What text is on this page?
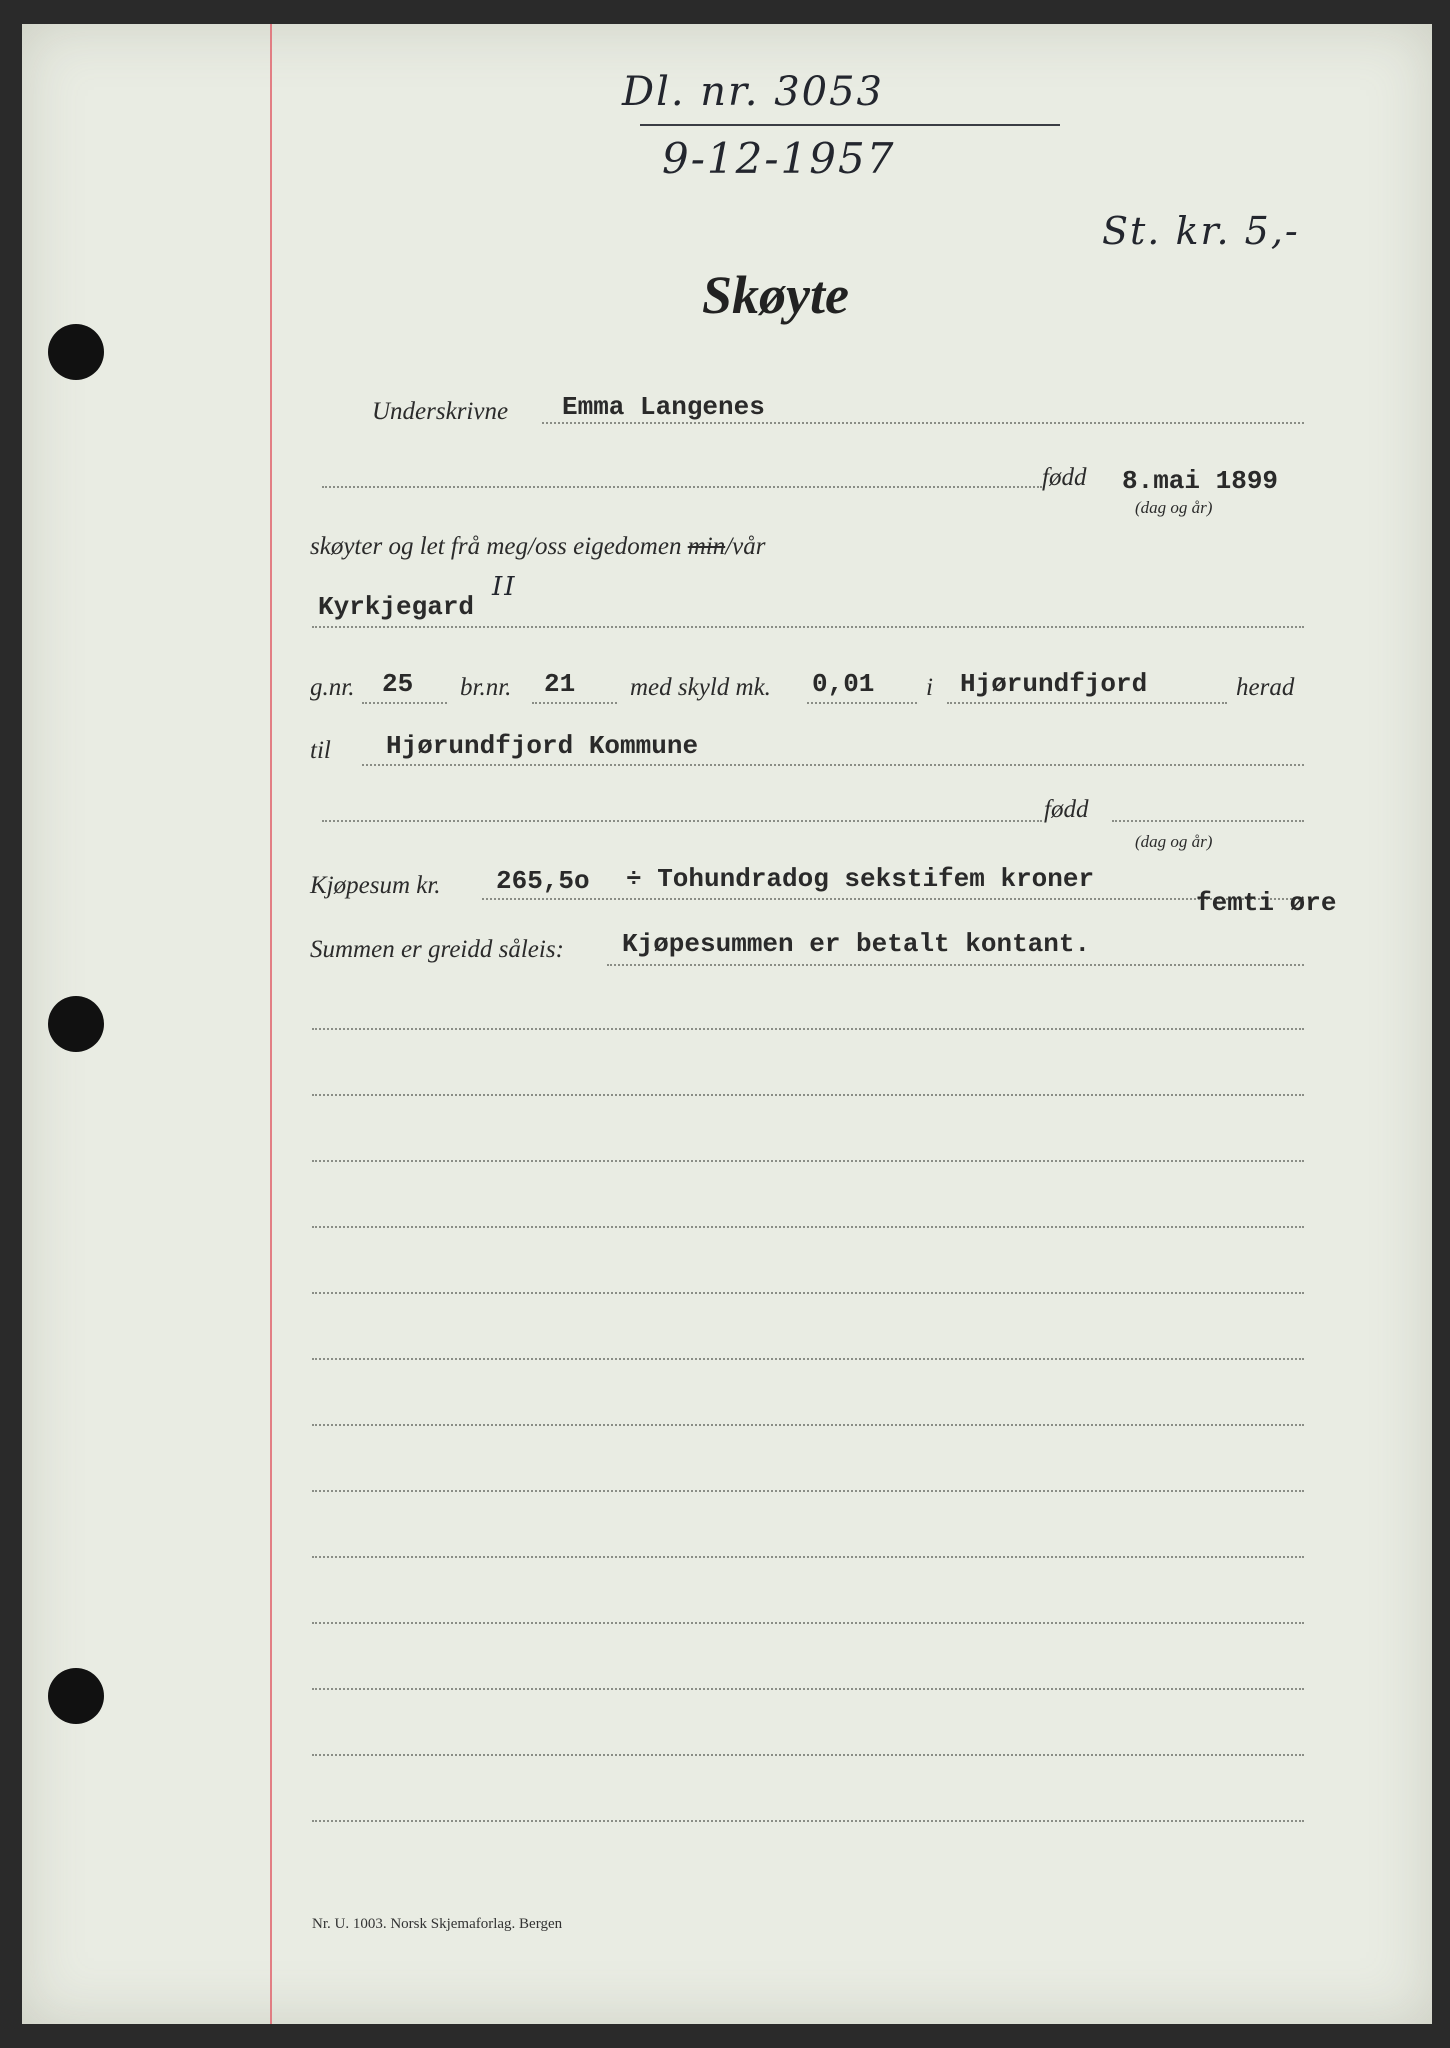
Dl. nr. 3053
9-12-1957
St. kr. 5,-
Skøyte
Underskrivne Emma Langenes
fødd 8.mai 1899
(dag og år)
skøyter og let frå meg/oss eigedomen min/vår
Kyrkjegard
II
g.nr. 25 br.nr. 21 med skyld mk. 0,01 i Hjørundfjord	herad
til Hjørundfjord Kommune
fødd
(dag og år)
Kjøpesum kr. 265,5o ÷ Tohundradog sekstifem kroner
femti øre
Summen er greidd såleis: Kjøpesummen er betalt kontant.
Nr. U. 1003. Norsk Skjemaforlag. Bergen
